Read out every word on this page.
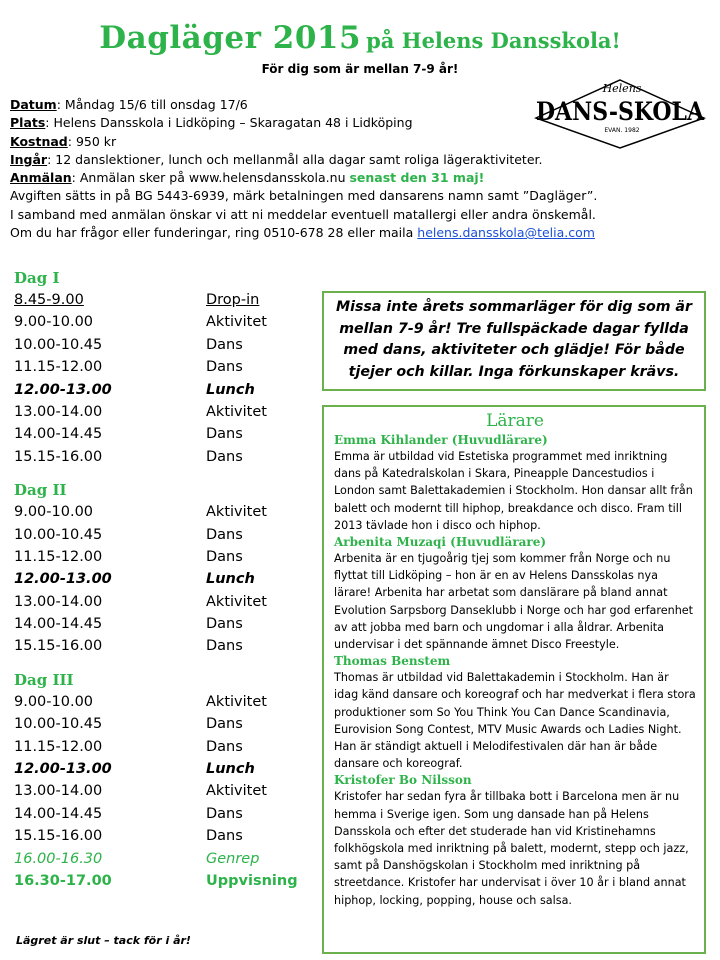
Dagläger 2015 på Helens Dansskola!
För dig som är mellan 7-9 år!
Helens
DANS-SKOLA
EVAN. 1982
Datum: Måndag 15/6 till onsdag 17/6
Plats: Helens Dansskola i Lidköping – Skaragatan 48 i Lidköping
Kostnad: 950 kr
Ingår: 12 danslektioner, lunch och mellanmål alla dagar samt roliga lägeraktiviteter.
Anmälan: Anmälan sker på www.helensdansskola.nu senast den 31 maj!
Avgiften sätts in på BG 5443-6939, märk betalningen med dansarens namn samt ”Dagläger”.
I samband med anmälan önskar vi att ni meddelar eventuell matallergi eller andra önskemål.
Om du har frågor eller funderingar, ring 0510-678 28 eller maila helens.dansskola@telia.com
Dag I
8.45-9.00	Drop-in
9.00-10.00	Aktivitet
10.00-10.45	Dans
11.15-12.00	Dans
12.00-13.00	Lunch
13.00-14.00	Aktivitet
14.00-14.45	Dans
15.15-16.00	Dans
Dag II
9.00-10.00	Aktivitet
10.00-10.45	Dans
11.15-12.00	Dans
12.00-13.00	Lunch
13.00-14.00	Aktivitet
14.00-14.45	Dans
15.15-16.00	Dans
Dag III
9.00-10.00	Aktivitet
10.00-10.45	Dans
11.15-12.00	Dans
12.00-13.00	Lunch
13.00-14.00	Aktivitet
14.00-14.45	Dans
15.15-16.00	Dans
16.00-16.30	Genrep
16.30-17.00	Uppvisning
Lägret är slut – tack för i år!
Missa inte årets sommarläger för dig som är mellan 7-9 år! Tre fullspäckade dagar fyllda med dans, aktiviteter och glädje! För både tjejer och killar. Inga förkunskaper krävs.
Lärare
Emma Kihlander (Huvudlärare)
Emma är utbildad vid Estetiska programmet med inriktning dans på Katedralskolan i Skara, Pineapple Dancestudios i London samt Balettakademien i Stockholm. Hon dansar allt från balett och modernt till hiphop, breakdance och disco. Fram till 2013 tävlade hon i disco och hiphop.
Arbenita Muzaqi (Huvudlärare)
Arbenita är en tjugoårig tjej som kommer från Norge och nu flyttat till Lidköping – hon är en av Helens Dansskolas nya lärare! Arbenita har arbetat som danslärare på bland annat Evolution Sarpsborg Danseklubb i Norge och har god erfarenhet av att jobba med barn och ungdomar i alla åldrar. Arbenita undervisar i det spännande ämnet Disco Freestyle.
Thomas Benstem
Thomas är utbildad vid Balettakademin i Stockholm. Han är idag känd dansare och koreograf och har medverkat i flera stora produktioner som So You Think You Can Dance Scandinavia, Eurovision Song Contest, MTV Music Awards och Ladies Night. Han är ständigt aktuell i Melodifestivalen där han är både dansare och koreograf.
Kristofer Bo Nilsson
Kristofer har sedan fyra år tillbaka bott i Barcelona men är nu hemma i Sverige igen. Som ung dansade han på Helens Dansskola och efter det studerade han vid Kristinehamns folkhögskola med inriktning på balett, modernt, stepp och jazz, samt på Danshögskolan i Stockholm med inriktning på streetdance. Kristofer har undervisat i över 10 år i bland annat hiphop, locking, popping, house och salsa.
